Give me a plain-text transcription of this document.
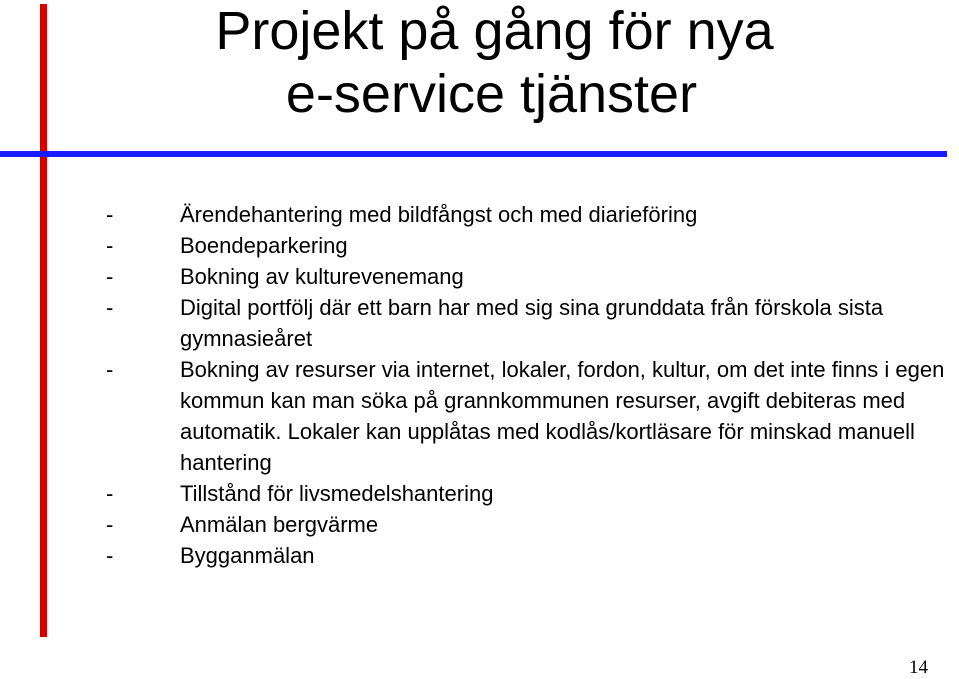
Projekt på gång för nya
e-service tjänster
-	Ärendehantering med bildfångst och med diarieföring
-	Boendeparkering
-	Bokning av kulturevenemang
-	Digital portfölj där ett barn har med sig sina grunddata från förskola sista gymnasieåret
-	Bokning av resurser via internet, lokaler, fordon, kultur, om det inte finns i egen kommun kan man söka på grannkommunen resurser, avgift debiteras med automatik. Lokaler kan upplåtas med kodlås/kortläsare för minskad manuell hantering
-	Tillstånd för livsmedelshantering
-	Anmälan bergvärme
-	Bygganmälan
14
